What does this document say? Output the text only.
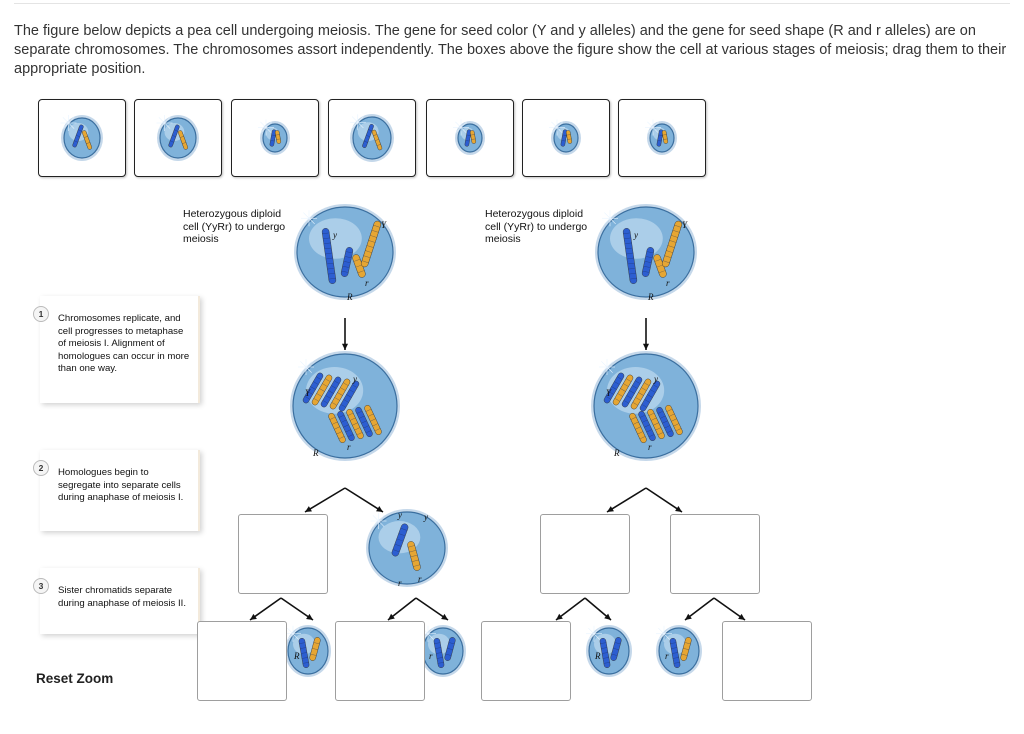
The figure below depicts a pea cell undergoing meiosis. The gene for seed color (Y and y alleles) and the gene for seed shape (R and r alleles) are on separate chromosomes. The chromosomes assort independently. The boxes above the figure show the cell at various stages of meiosis; drag them to their appropriate position.

Heterozygous diploid cell (YyRr) to undergo meiosis
Heterozygous diploid cell (YyRr) to undergo meiosis
1	Chromosomes replicate, and cell progresses to metaphase of meiosis I. Alignment of homologues can occur in more than one way.
2	Homologues begin to segregate into separate cells during anaphase of meiosis I.
3	Sister chromatids separate during anaphase of meiosis II.
y
Y
r
R
y
Y
r
R
Y
y
R
r
Y
y
R
r
y y
r r
R	r	R	r
Reset Zoom
